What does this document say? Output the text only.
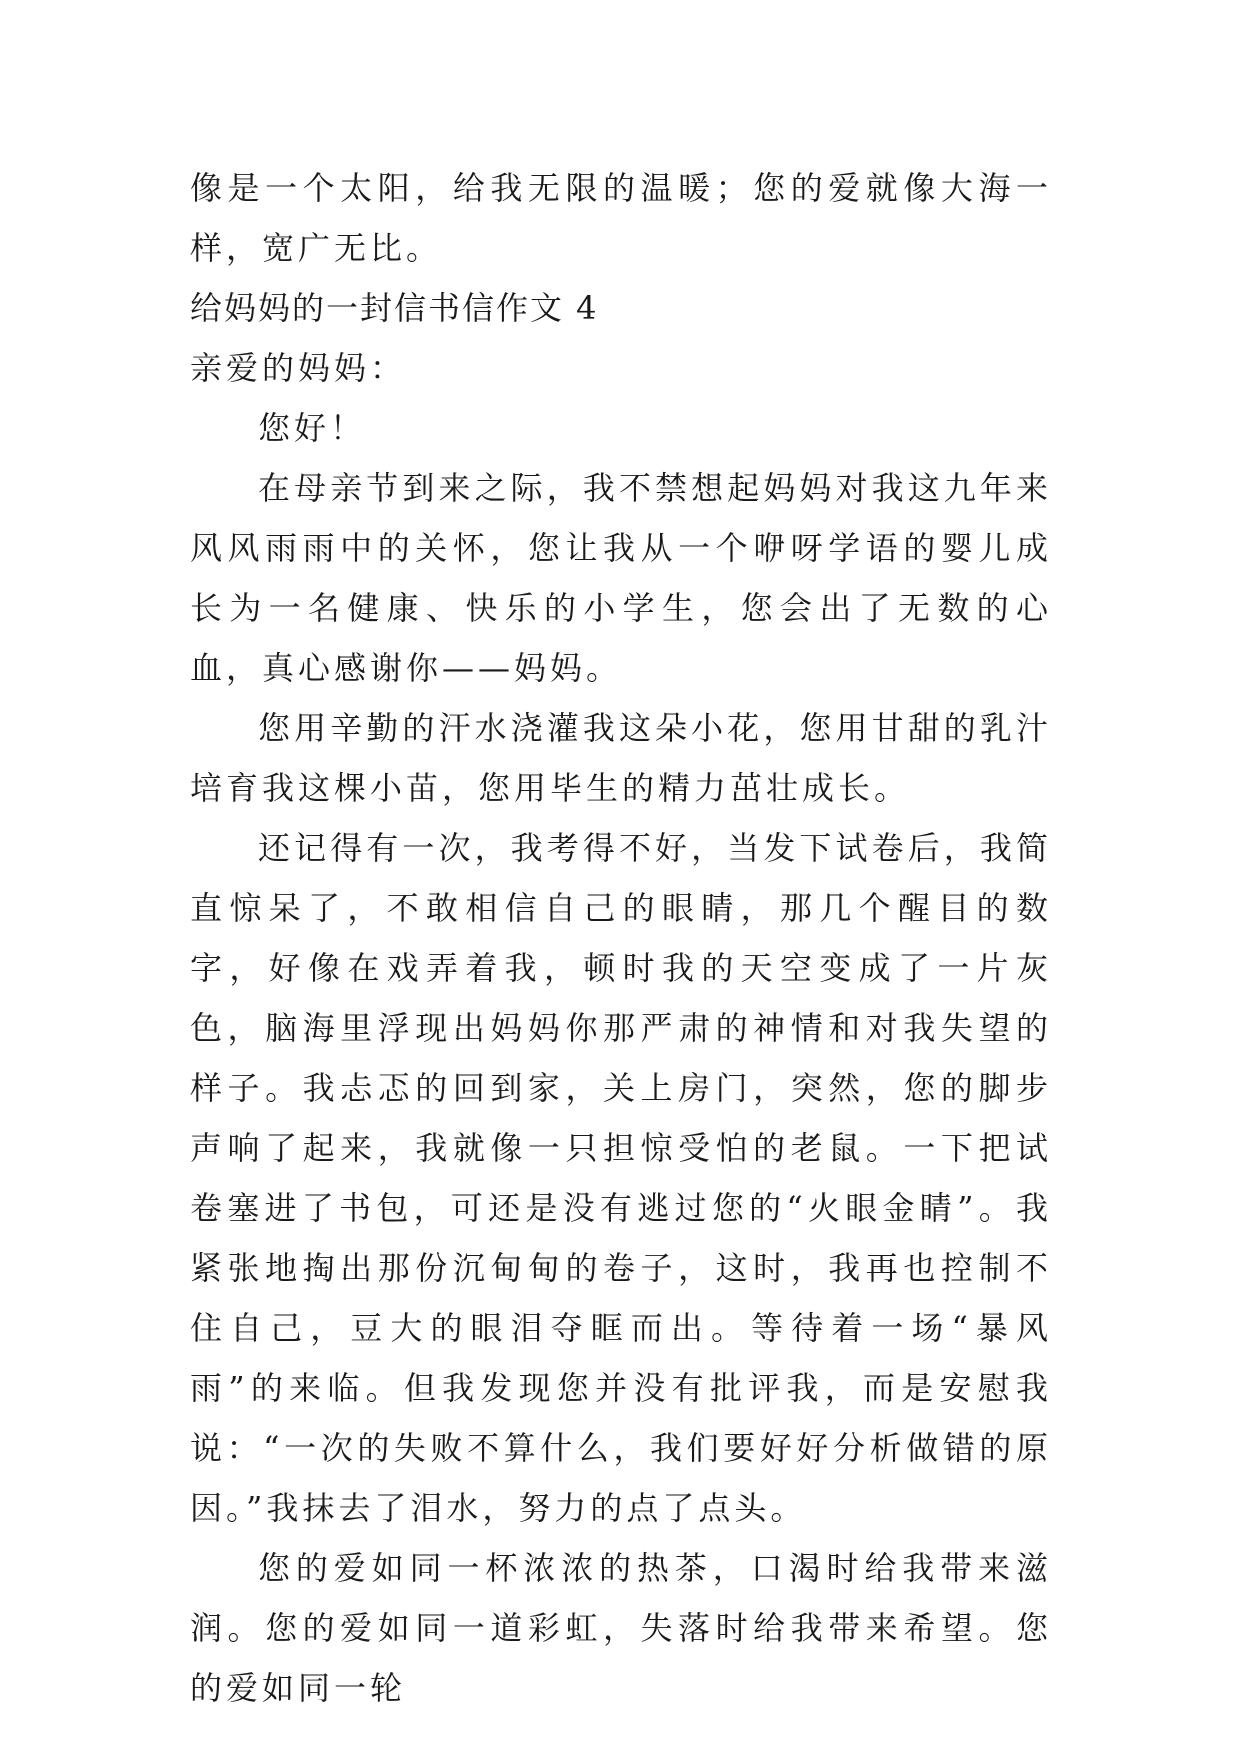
像是一个太阳，给我无限的温暖；您的爱就像大海一样，宽广无比。

给妈妈的一封信书信作文 4

亲爱的妈妈：

您好！

在母亲节到来之际，我不禁想起妈妈对我这九年来风风雨雨中的关怀，您让我从一个咿呀学语的婴儿成长为一名健康、快乐的小学生，您会出了无数的心血，真心感谢你——妈妈。

您用辛勤的汗水浇灌我这朵小花，您用甘甜的乳汁培育我这棵小苗，您用毕生的精力茁壮成长。

还记得有一次，我考得不好，当发下试卷后，我简直惊呆了，不敢相信自己的眼睛，那几个醒目的数字，好像在戏弄着我，顿时我的天空变成了一片灰色，脑海里浮现出妈妈你那严肃的神情和对我失望的样子。我忐忑的回到家，关上房门，突然，您的脚步声响了起来，我就像一只担惊受怕的老鼠。一下把试卷塞进了书包，可还是没有逃过您的“火眼金睛”。我紧张地掏出那份沉甸甸的卷子，这时，我再也控制不住自己，豆大的眼泪夺眶而出。等待着一场“暴风雨”的来临。但我发现您并没有批评我，而是安慰我说：“一次的失败不算什么，我们要好好分析做错的原因。”我抹去了泪水，努力的点了点头。

您的爱如同一杯浓浓的热茶，口渴时给我带来滋润。您的爱如同一道彩虹，失落时给我带来希望。您的爱如同一轮
